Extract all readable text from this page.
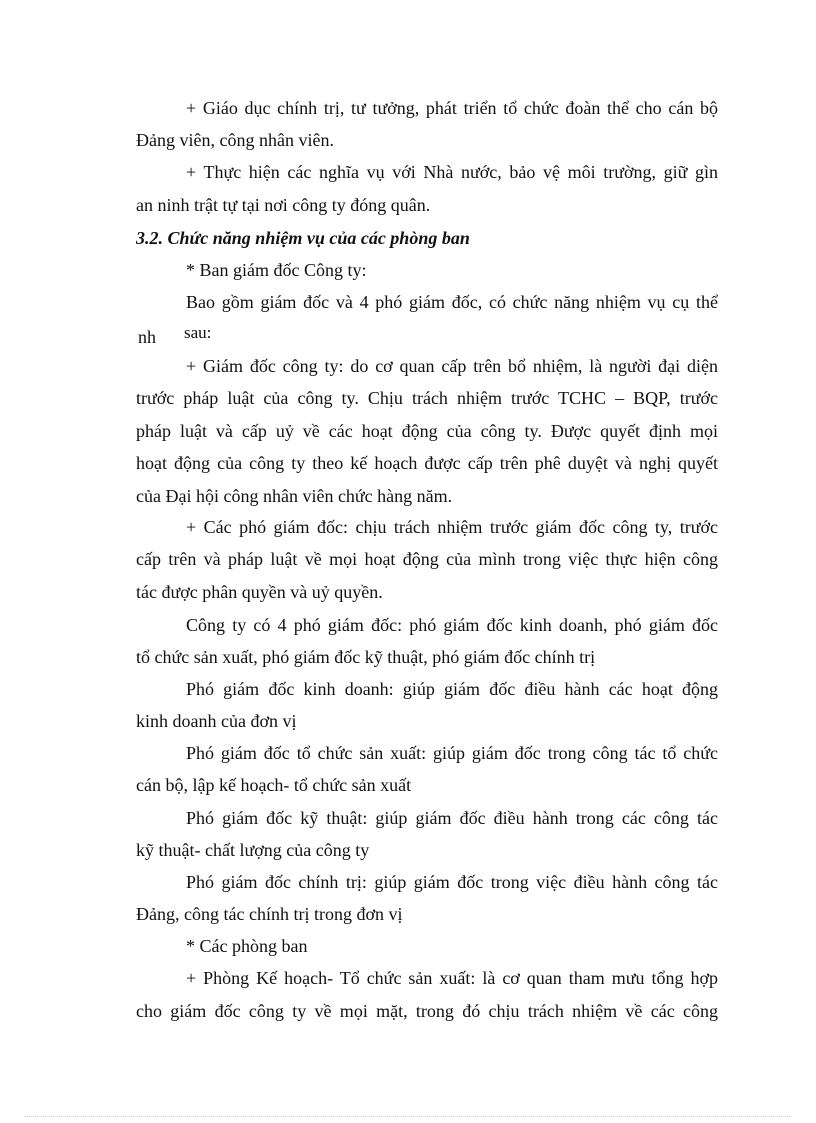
+ Giáo dục chính trị, tư tưởng, phát triển tổ chức đoàn thể cho cán bộ
Đảng viên, công nhân viên.
+ Thực hiện các nghĩa vụ với Nhà nước, bảo vệ môi trường, giữ gìn
an ninh trật tự tại nơi công ty đóng quân.
3.2. Chức năng nhiệm vụ của các phòng ban
* Ban giám đốc Công ty:
Bao gồm giám đốc và 4 phó giám đốc, có chức năng nhiệm vụ cụ thể
nh sau:
+ Giám đốc công ty: do cơ quan cấp trên bổ nhiệm, là người đại diện
trước pháp luật của công ty. Chịu trách nhiệm trước TCHC – BQP, trước
pháp luật và cấp uỷ về các hoạt động của công ty. Được quyết định mọi
hoạt động của công ty theo kế hoạch được cấp trên phê duyệt và nghị quyết
của Đại hội công nhân viên chức hàng năm.
+ Các phó giám đốc: chịu trách nhiệm trước giám đốc công ty, trước
cấp trên và pháp luật về mọi hoạt động của mình trong việc thực hiện công
tác được phân quyền và uỷ quyền.
Công ty có 4 phó giám đốc: phó giám đốc kinh doanh, phó giám đốc
tổ chức sản xuất, phó giám đốc kỹ thuật, phó giám đốc chính trị
Phó giám đốc kinh doanh: giúp giám đốc điều hành các hoạt động
kinh doanh của đơn vị
Phó giám đốc tổ chức sản xuất: giúp giám đốc trong công tác tổ chức
cán bộ, lập kế hoạch- tổ chức sản xuất
Phó giám đốc kỹ thuật: giúp giám đốc điều hành trong các công tác
kỹ thuật- chất lượng của công ty
Phó giám đốc chính trị: giúp giám đốc trong việc điều hành công tác
Đảng, công tác chính trị trong đơn vị
* Các phòng ban
+ Phòng Kế hoạch- Tổ chức sản xuất: là cơ quan tham mưu tổng hợp
cho giám đốc công ty về mọi mặt, trong đó chịu trách nhiệm về các công
